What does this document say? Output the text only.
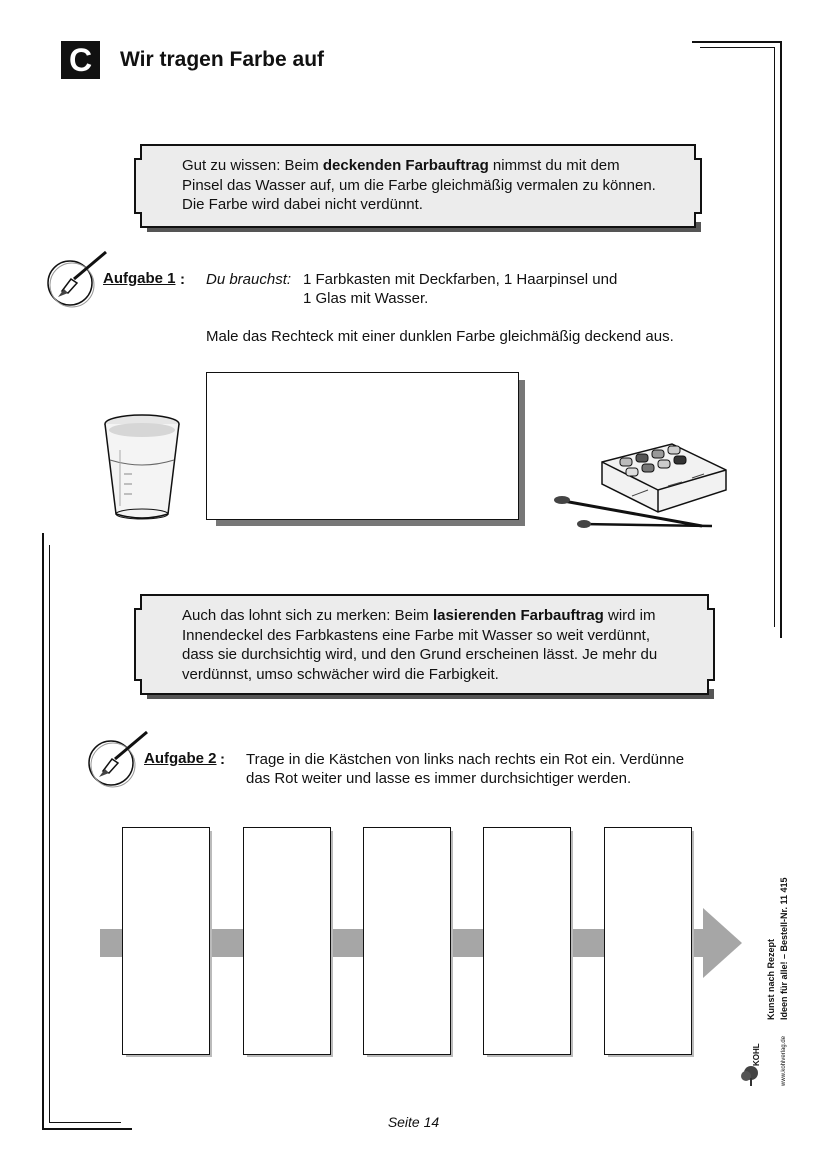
C	Wir tragen Farbe auf
Gut zu wissen: Beim deckenden Farbauftrag nimmst du mit dem
Pinsel das Wasser auf, um die Farbe gleichmäßig vermalen zu können.
Die Farbe wird dabei nicht verdünnt.
Aufgabe 1 : Du brauchst: 1 Farbkasten mit Deckfarben, 1 Haarpinsel und
1 Glas mit Wasser.
Male das Rechteck mit einer dunklen Farbe gleichmäßig deckend aus.
Auch das lohnt sich zu merken: Beim lasierenden Farbauftrag wird im
Innendeckel des Farbkastens eine Farbe mit Wasser so weit verdünnt,
dass sie durchsichtig wird, und den Grund erscheinen lässt. Je mehr du
verdünnst, umso schwächer wird die Farbigkeit.
Aufgabe 2 : Trage in die Kästchen von links nach rechts ein Rot ein. Verdünne
das Rot weiter und lasse es immer durchsichtiger werden.
Kunst nach Rezept Ideen für alle! – Bestell-Nr. 11 415
KOHL	www.kohlverlag.de
Seite 14
